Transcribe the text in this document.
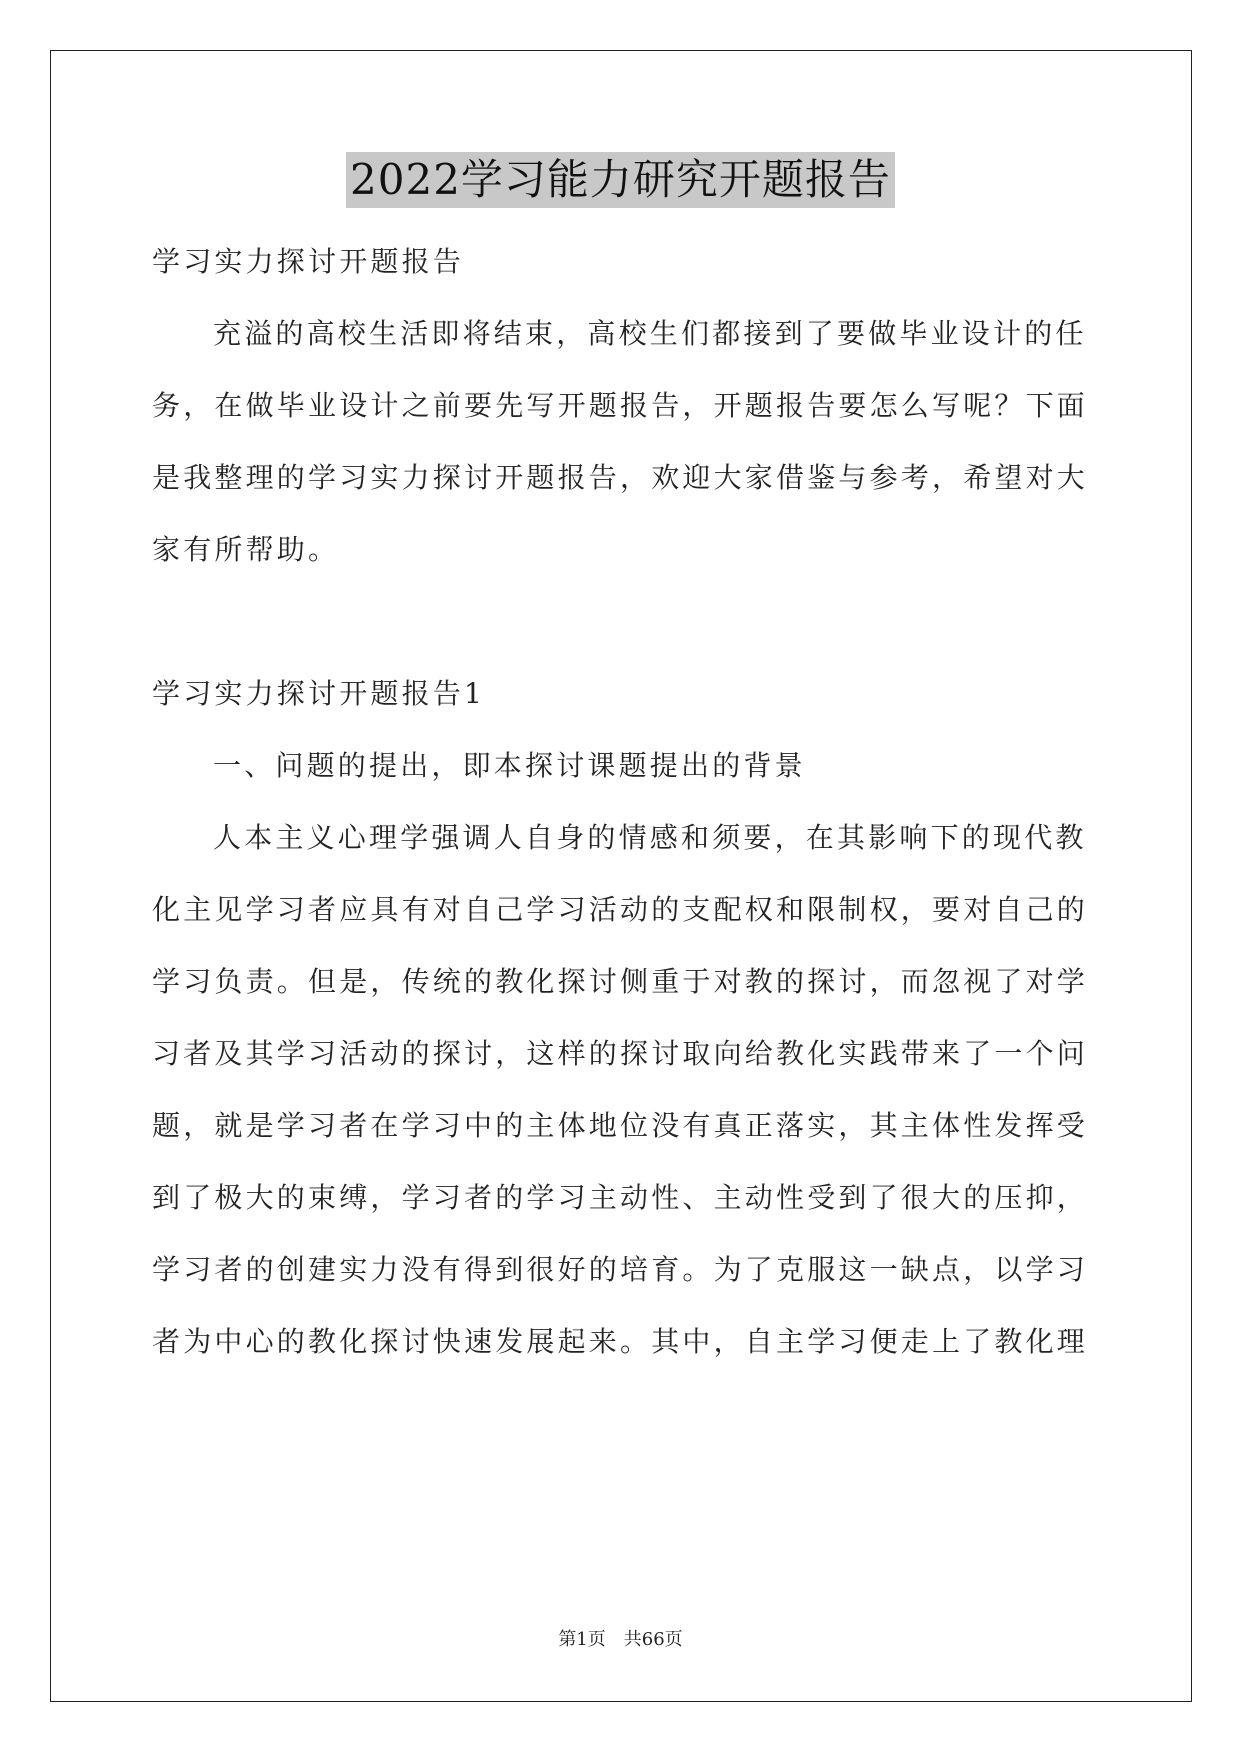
2022学习能力研究开题报告
学习实力探讨开题报告
充溢的高校生活即将结束，高校生们都接到了要做毕业设计的任
务，在做毕业设计之前要先写开题报告，开题报告要怎么写呢？下面
是我整理的学习实力探讨开题报告，欢迎大家借鉴与参考，希望对大
家有所帮助。
学习实力探讨开题报告1
一、问题的提出，即本探讨课题提出的背景
人本主义心理学强调人自身的情感和须要，在其影响下的现代教
化主见学习者应具有对自己学习活动的支配权和限制权，要对自己的
学习负责。但是，传统的教化探讨侧重于对教的探讨，而忽视了对学
习者及其学习活动的探讨，这样的探讨取向给教化实践带来了一个问
题，就是学习者在学习中的主体地位没有真正落实，其主体性发挥受
到了极大的束缚，学习者的学习主动性、主动性受到了很大的压抑，
学习者的创建实力没有得到很好的培育。为了克服这一缺点，以学习
者为中心的教化探讨快速发展起来。其中，自主学习便走上了教化理
第1页　共66页
